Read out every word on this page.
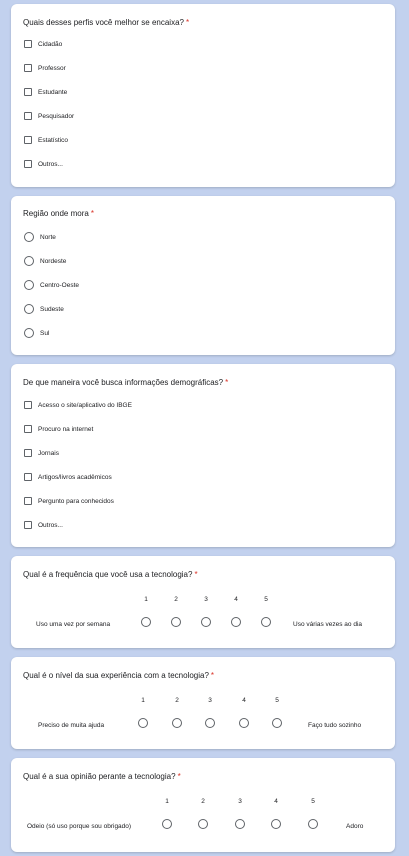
Quais desses perfis você melhor se encaixa? *
Cidadão
Professor
Estudante
Pesquisador
Estatístico
Outros...
Região onde mora *
Norte
Nordeste
Centro-Oeste
Sudeste
Sul
De que maneira você busca informações demográficas? *
Acesso o site/aplicativo do IBGE
Procuro na internet
Jornais
Artigos/livros acadêmicos
Pergunto para conhecidos
Outros...
Qual é a frequência que você usa a tecnologia? *
1	2	3	4	5
Uso uma vez por semana	Uso várias vezes ao dia
Qual é o nível da sua experiência com a tecnologia? *
1	2	3	4	5
Preciso de muita ajuda	Faço tudo sozinho
Qual é a sua opinião perante a tecnologia? *
1	2	3	4	5
Odeio (só uso porque sou obrigado)	Adoro
